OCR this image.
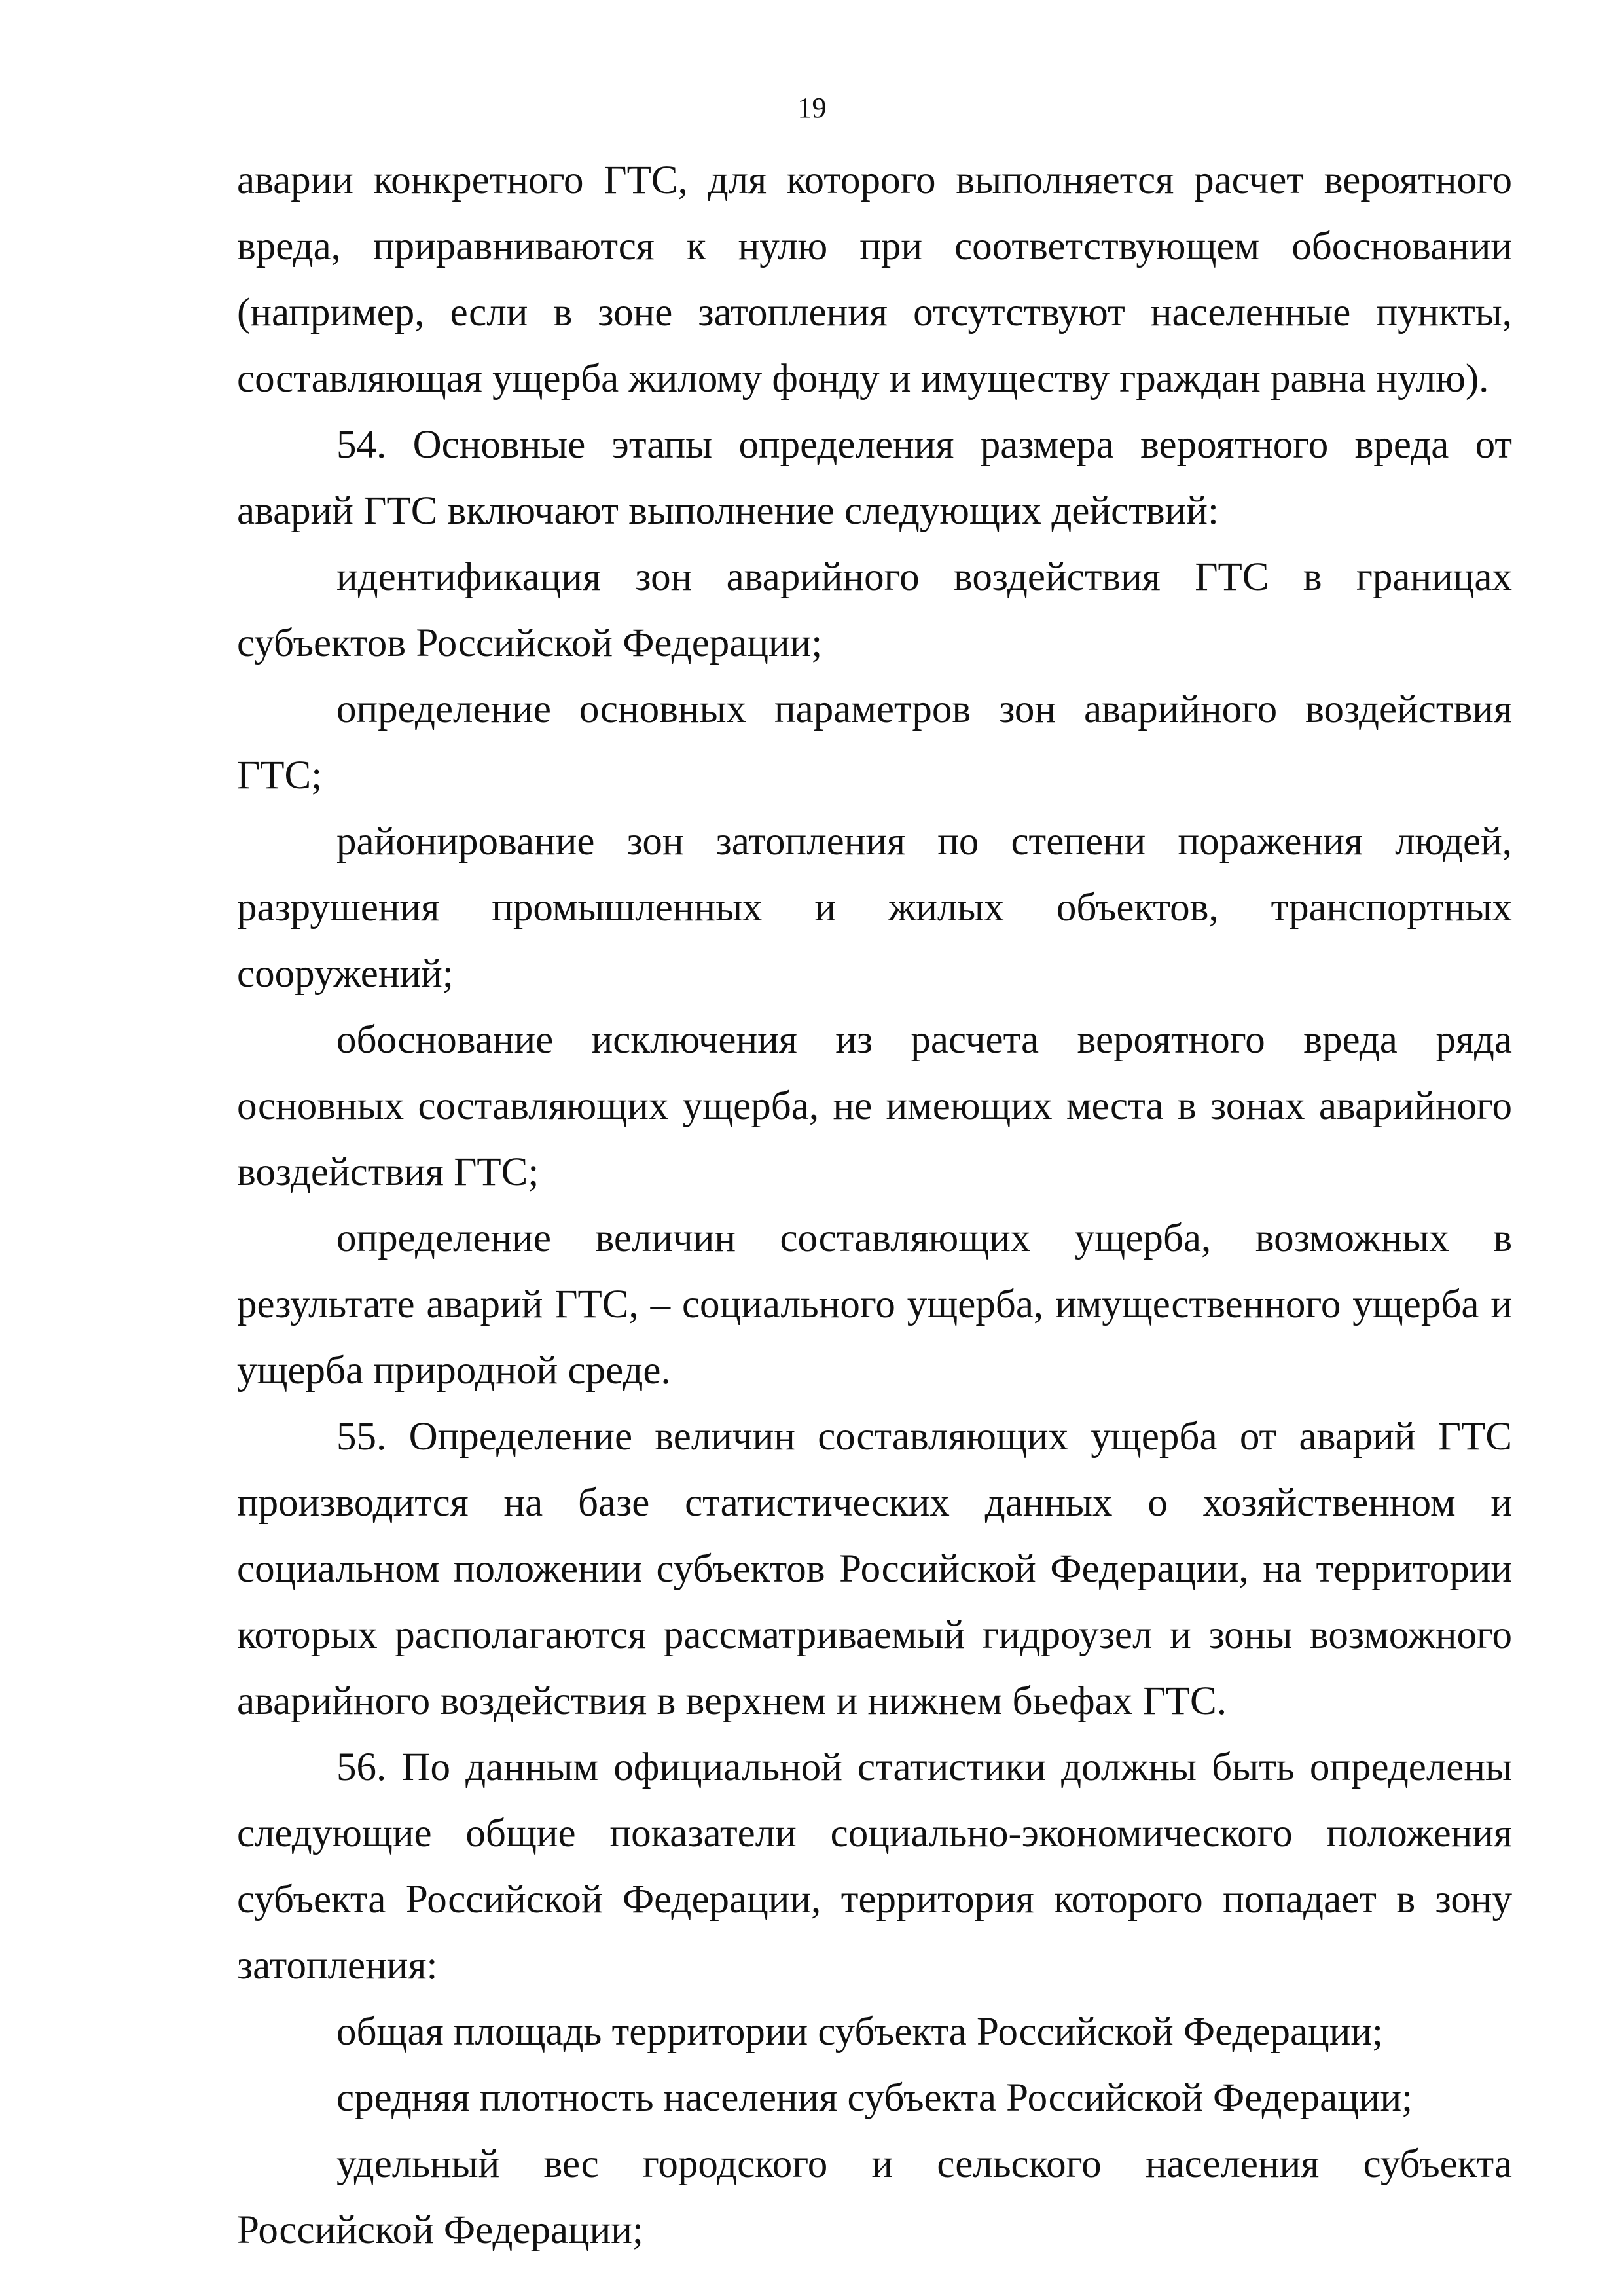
19

аварии конкретного ГТС, для которого выполняется расчет вероятного вреда, приравниваются к нулю при соответствующем обосновании (например, если в зоне затопления отсутствуют населенные пункты, составляющая ущерба жилому фонду и имуществу граждан равна нулю).

54. Основные этапы определения размера вероятного вреда от аварий ГТС включают выполнение следующих действий:

идентификация зон аварийного воздействия ГТС в границах субъектов Российской Федерации;

определение основных параметров зон аварийного воздействия ГТС;

районирование зон затопления по степени поражения людей, разрушения промышленных и жилых объектов, транспортных сооружений;

обоснование исключения из расчета вероятного вреда ряда основных составляющих ущерба, не имеющих места в зонах аварийного воздействия ГТС;

определение величин составляющих ущерба, возможных в результате аварий ГТС, – социального ущерба, имущественного ущерба и ущерба природной среде.

55. Определение величин составляющих ущерба от аварий ГТС производится на базе статистических данных о хозяйственном и социальном положении субъектов Российской Федерации, на территории которых располагаются рассматриваемый гидроузел и зоны возможного аварийного воздействия в верхнем и нижнем бьефах ГТС.

56. По данным официальной статистики должны быть определены следующие общие показатели социально-экономического положения субъекта Российской Федерации, территория которого попадает в зону затопления:

общая площадь территории субъекта Российской Федерации;

средняя плотность населения субъекта Российской Федерации;

удельный вес городского и сельского населения субъекта Российской Федерации;
